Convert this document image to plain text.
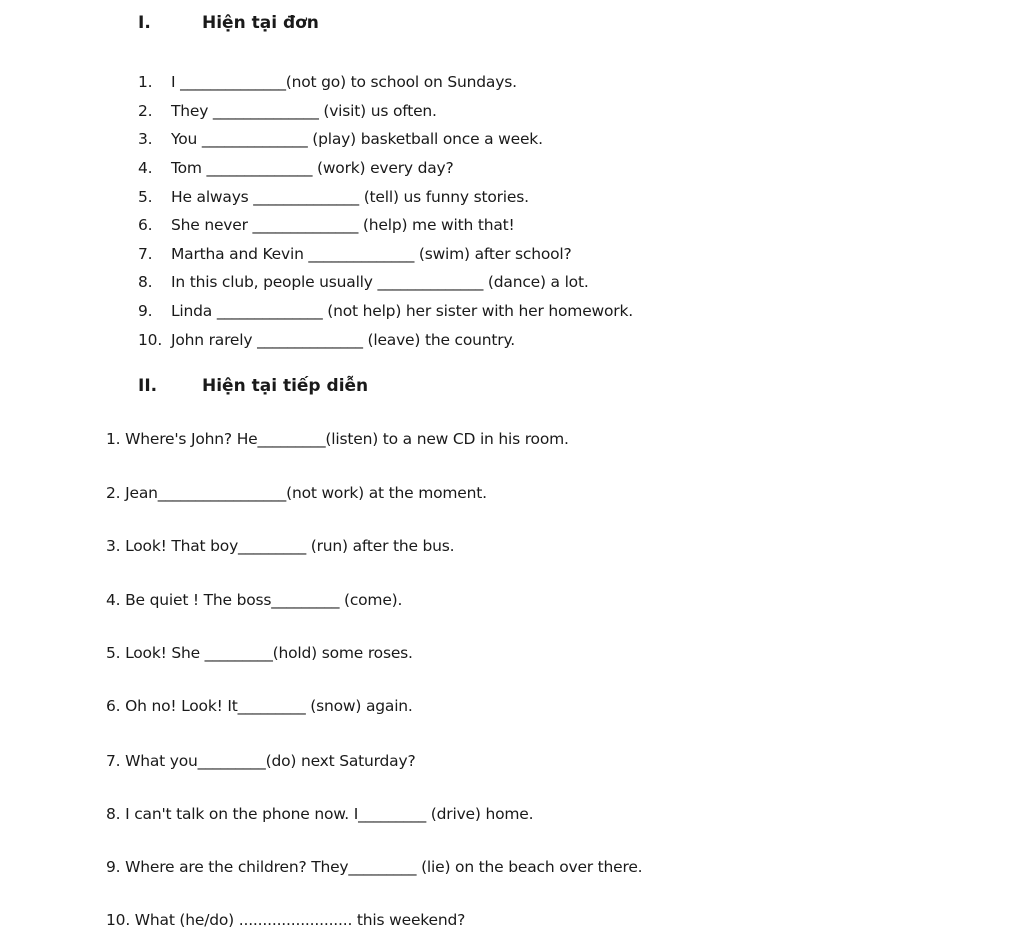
I.	Hiện tại đơn
1.	I ______________(not go) to school on Sundays.
2.	They ______________ (visit) us often.
3.	You ______________ (play) basketball once a week.
4.	Tom ______________ (work) every day?
5.	He always ______________ (tell) us funny stories.
6.	She never ______________ (help) me with that!
7.	Martha and Kevin ______________ (swim) after school?
8.	In this club, people usually ______________ (dance) a lot.
9.	Linda ______________ (not help) her sister with her homework.
10. John rarely ______________ (leave) the country.
II.	Hiện tại tiếp diễn
1. Where's John? He_________(listen) to a new CD in his room.
2. Jean_________________(not work) at the moment.
3. Look! That boy_________ (run) after the bus.
4. Be quiet ! The boss_________ (come).
5. Look! She _________(hold) some roses.
6. Oh no! Look! It_________ (snow) again.
7. What you_________(do) next Saturday?
8. I can't talk on the phone now. I_________ (drive) home.
9. Where are the children? They_________ (lie) on the beach over there.
10. What (he/do) ........................ this weekend?
